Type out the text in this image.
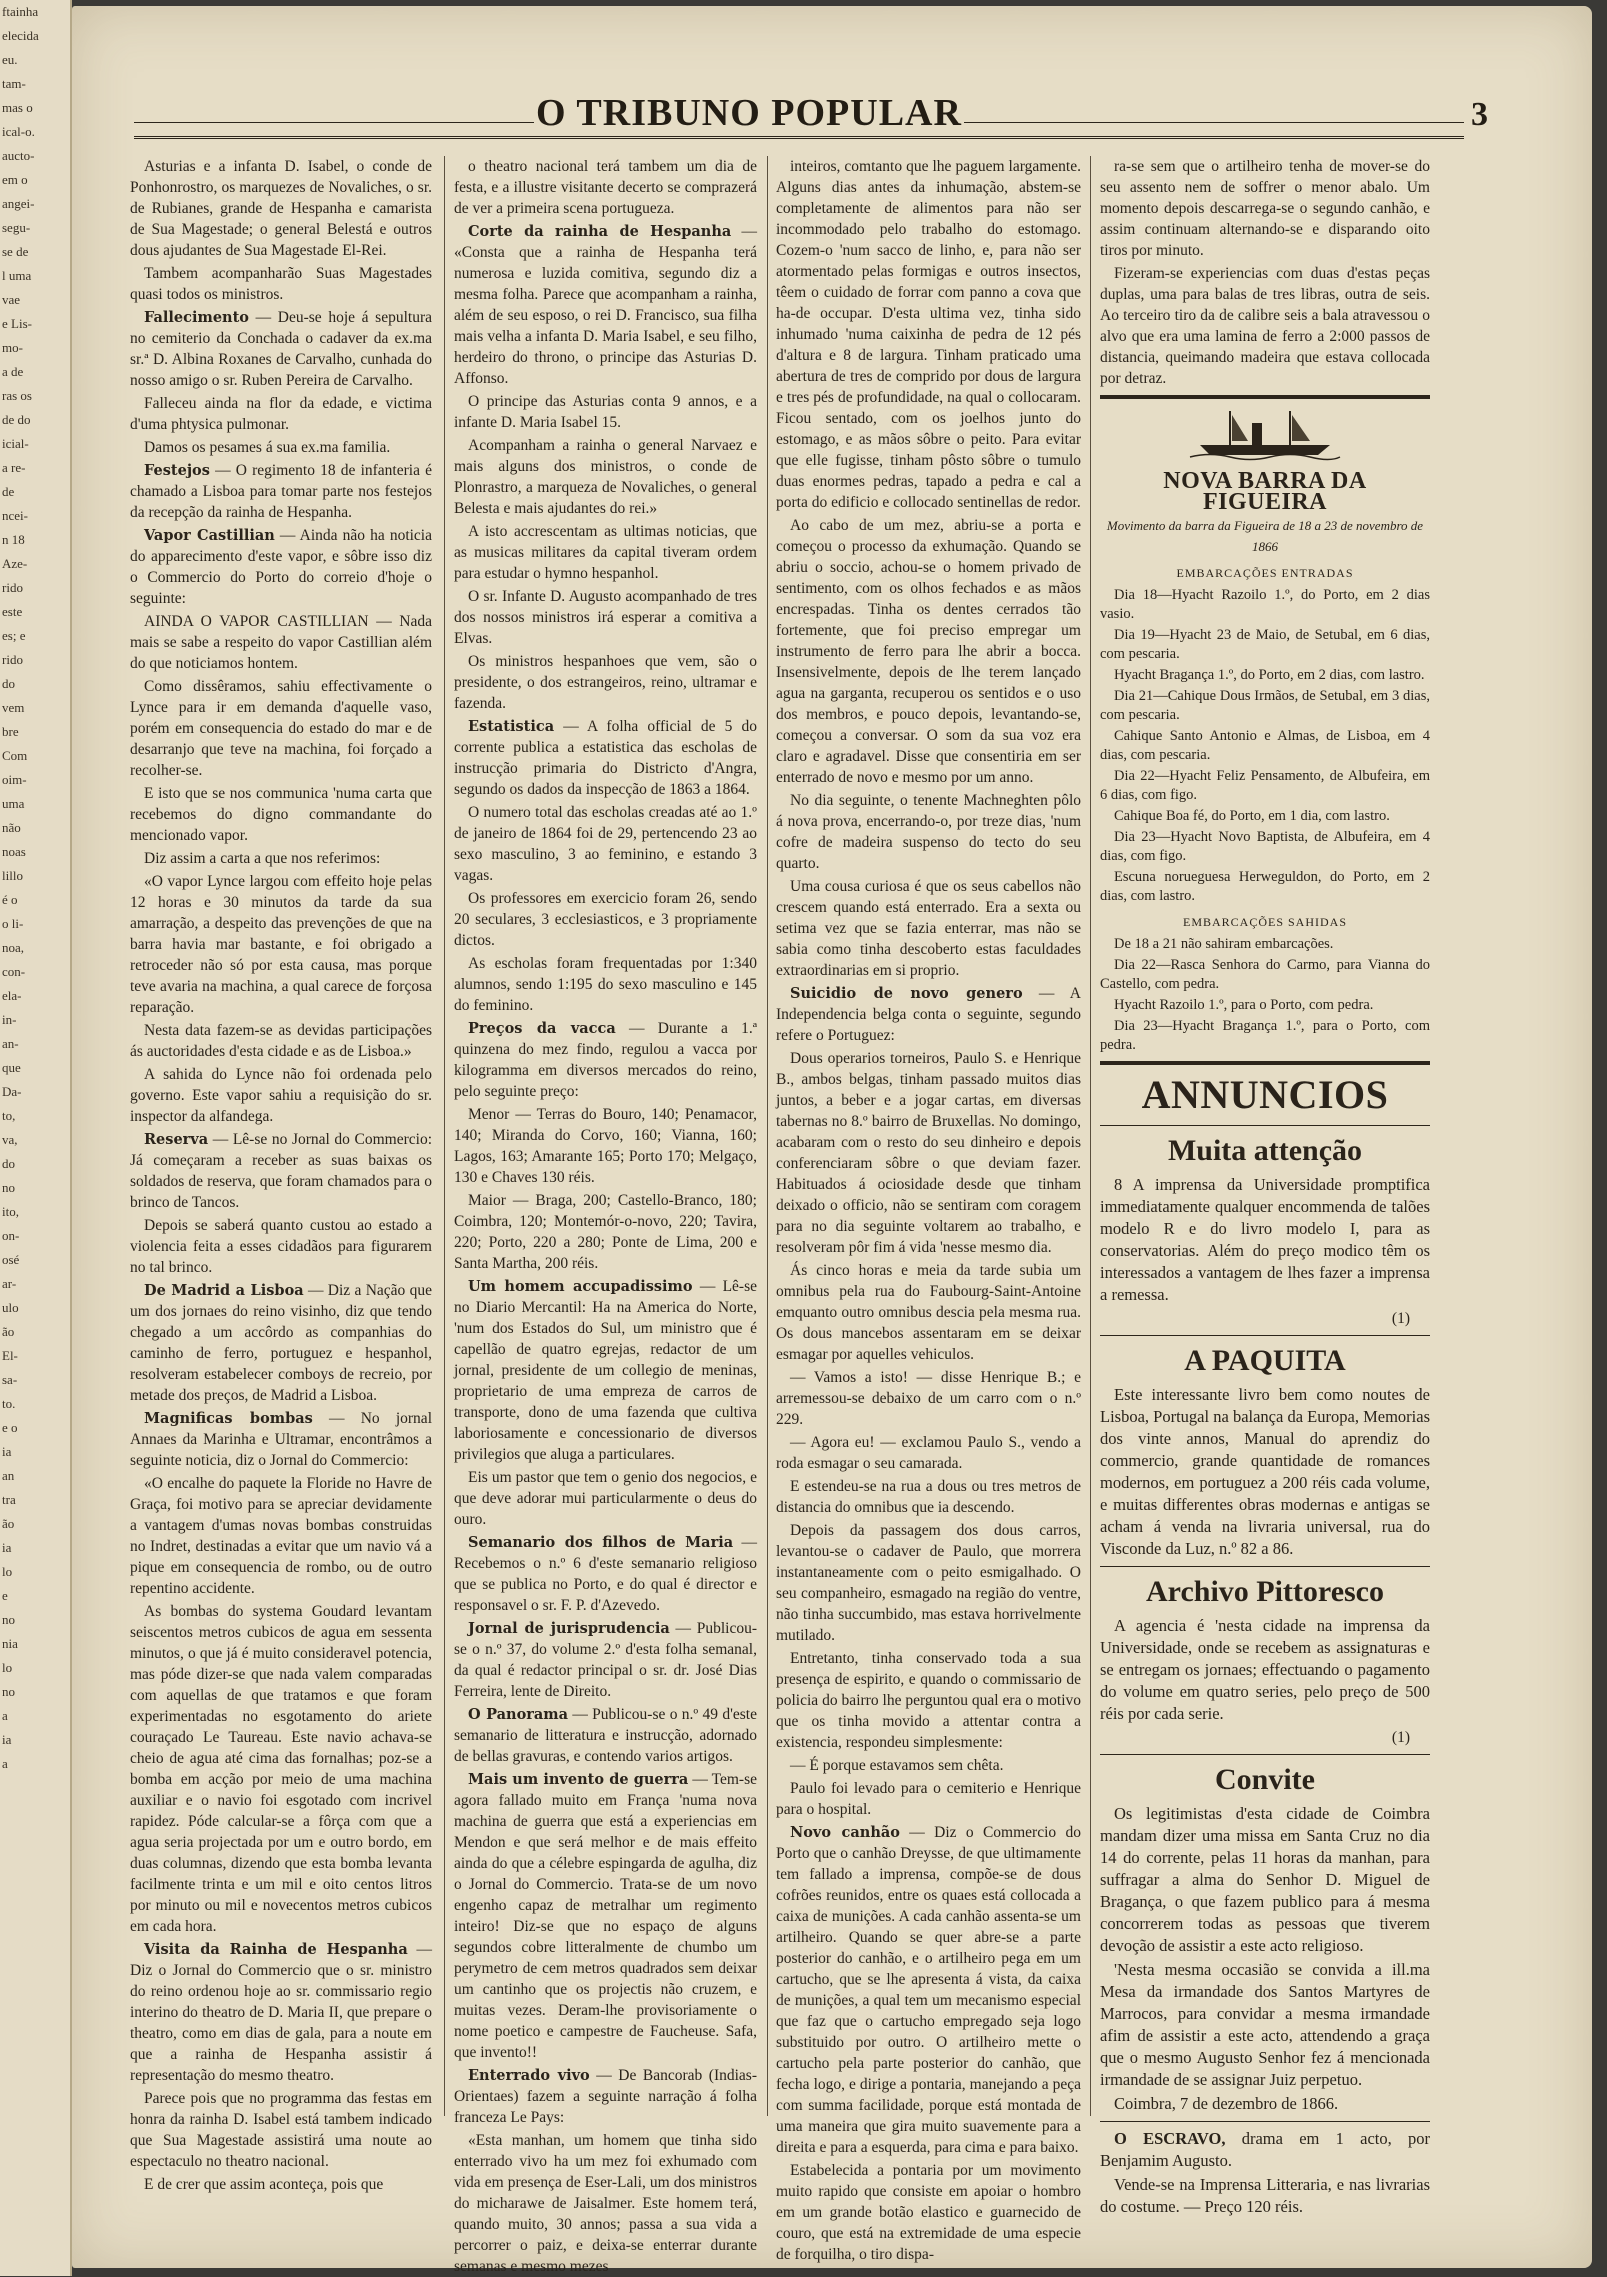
ftainha
elecida
eu.
tam-
mas o
ical-o.
aucto-
em o
angei-
segu-
se de
l uma
vae
e Lis-
mo-
a de
ras os
de do
icial-
a re-
de
ncei-
n 18
Aze-
rido
este
es; e
rido
do
vem
bre
Com
oim-
uma
não
noas
lillo
é o
o li-
noa,
con-
ela-
in-
an-
que
Da-
to,
va,
do
no
ito,
on-
osé
ar-
ulo
ão
El-
sa-
to.
e o
ia
an
tra
ão
ia
lo
e
no
nia
lo
no
a
ia
a
O TRIBUNO POPULAR	3

Asturias e a infanta D. Isabel, o conde de Ponhonrostro, os marquezes de Novaliches, o sr. de Rubianes, grande de Hespanha e camarista de Sua Magestade; o general Belestá e outros dous ajudantes de Sua Magestade El-Rei.

Tambem acompanharão Suas Magestades quasi todos os ministros.

Fallecimento — Deu-se hoje á sepultura no cemiterio da Conchada o cadaver da ex.ma sr.ª D. Albina Roxanes de Carvalho, cunhada do nosso amigo o sr. Ruben Pereira de Carvalho.

Falleceu ainda na flor da edade, e victima d'uma phtysica pulmonar.

Damos os pesames á sua ex.ma familia.

Festejos — O regimento 18 de infanteria é chamado a Lisboa para tomar parte nos festejos da recepção da rainha de Hespanha.

Vapor Castillian — Ainda não ha noticia do apparecimento d'este vapor, e sôbre isso diz o Commercio do Porto do correio d'hoje o seguinte:

AINDA O VAPOR CASTILLIAN — Nada mais se sabe a respeito do vapor Castillian além do que noticiamos hontem.

Como dissêramos, sahiu effectivamente o Lynce para ir em demanda d'aquelle vaso, porém em consequencia do estado do mar e de desarranjo que teve na machina, foi forçado a recolher-se.

E isto que se nos communica 'numa carta que recebemos do digno commandante do mencionado vapor.

Diz assim a carta a que nos referimos:

«O vapor Lynce largou com effeito hoje pelas 12 horas e 30 minutos da tarde da sua amarração, a despeito das prevenções de que na barra havia mar bastante, e foi obrigado a retroceder não só por esta causa, mas porque teve avaria na machina, a qual carece de forçosa reparação.

Nesta data fazem-se as devidas participações ás auctoridades d'esta cidade e as de Lisboa.»

A sahida do Lynce não foi ordenada pelo governo. Este vapor sahiu a requisição do sr. inspector da alfandega.

Reserva — Lê-se no Jornal do Commercio: Já começaram a receber as suas baixas os soldados de reserva, que foram chamados para o brinco de Tancos.

Depois se saberá quanto custou ao estado a violencia feita a esses cidadãos para figurarem no tal brinco.

De Madrid a Lisboa — Diz a Nação que um dos jornaes do reino visinho, diz que tendo chegado a um accôrdo as companhias do caminho de ferro, portuguez e hespanhol, resolveram estabelecer comboys de recreio, por metade dos preços, de Madrid a Lisboa.

Magnificas bombas — No jornal Annaes da Marinha e Ultramar, encontrâmos a seguinte noticia, diz o Jornal do Commercio:

«O encalhe do paquete la Floride no Havre de Graça, foi motivo para se apreciar devidamente a vantagem d'umas novas bombas construidas no Indret, destinadas a evitar que um navio vá a pique em consequencia de rombo, ou de outro repentino accidente.

As bombas do systema Goudard levantam seiscentos metros cubicos de agua em sessenta minutos, o que já é muito consideravel potencia, mas póde dizer-se que nada valem comparadas com aquellas de que tratamos e que foram experimentadas no esgotamento do ariete couraçado Le Taureau. Este navio achava-se cheio de agua até cima das fornalhas; poz-se a bomba em acção por meio de uma machina auxiliar e o navio foi esgotado com incrivel rapidez. Póde calcular-se a fôrça com que a agua seria projectada por um e outro bordo, em duas columnas, dizendo que esta bomba levanta facilmente trinta e um mil e oito centos litros por minuto ou mil e novecentos metros cubicos em cada hora.

Visita da Rainha de Hespanha — Diz o Jornal do Commercio que o sr. ministro do reino ordenou hoje ao sr. commissario regio interino do theatro de D. Maria II, que prepare o theatro, como em dias de gala, para a noute em que a rainha de Hespanha assistir á representação do mesmo theatro.

Parece pois que no programma das festas em honra da rainha D. Isabel está tambem indicado que Sua Magestade assistirá uma noute ao espectaculo no theatro nacional.

E de crer que assim aconteça, pois que

o theatro nacional terá tambem um dia de festa, e a illustre visitante decerto se comprazerá de ver a primeira scena portugueza.

Corte da rainha de Hespanha — «Consta que a rainha de Hespanha terá numerosa e luzida comitiva, segundo diz a mesma folha. Parece que acompanham a rainha, além de seu esposo, o rei D. Francisco, sua filha mais velha a infanta D. Maria Isabel, e seu filho, herdeiro do throno, o principe das Asturias D. Affonso.

O principe das Asturias conta 9 annos, e a infante D. Maria Isabel 15.

Acompanham a rainha o general Narvaez e mais alguns dos ministros, o conde de Plonrastro, a marqueza de Novaliches, o general Belesta e mais ajudantes do rei.»

A isto accrescentam as ultimas noticias, que as musicas militares da capital tiveram ordem para estudar o hymno hespanhol.

O sr. Infante D. Augusto acompanhado de tres dos nossos ministros irá esperar a comitiva a Elvas.

Os ministros hespanhoes que vem, são o presidente, o dos estrangeiros, reino, ultramar e fazenda.

Estatistica — A folha official de 5 do corrente publica a estatistica das escholas de instrucção primaria do Districto d'Angra, segundo os dados da inspecção de 1863 a 1864.

O numero total das escholas creadas até ao 1.º de janeiro de 1864 foi de 29, pertencendo 23 ao sexo masculino, 3 ao feminino, e estando 3 vagas.

Os professores em exercicio foram 26, sendo 20 seculares, 3 ecclesiasticos, e 3 propriamente dictos.

As escholas foram frequentadas por 1:340 alumnos, sendo 1:195 do sexo masculino e 145 do feminino.

Preços da vacca — Durante a 1.ª quinzena do mez findo, regulou a vacca por kilogramma em diversos mercados do reino, pelo seguinte preço:

Menor — Terras do Bouro, 140; Penamacor, 140; Miranda do Corvo, 160; Vianna, 160; Lagos, 163; Amarante 165; Porto 170; Melgaço, 130 e Chaves 130 réis.

Maior — Braga, 200; Castello-Branco, 180; Coimbra, 120; Montemór-o-novo, 220; Tavira, 220; Porto, 220 a 280; Ponte de Lima, 200 e Santa Martha, 200 réis.

Um homem accupadissimo — Lê-se no Diario Mercantil: Ha na America do Norte, 'num dos Estados do Sul, um ministro que é capellão de quatro egrejas, redactor de um jornal, presidente de um collegio de meninas, proprietario de uma empreza de carros de transporte, dono de uma fazenda que cultiva laboriosamente e concessionario de diversos privilegios que aluga a particulares.

Eis um pastor que tem o genio dos negocios, e que deve adorar mui particularmente o deus do ouro.

Semanario dos filhos de Maria — Recebemos o n.º 6 d'este semanario religioso que se publica no Porto, e do qual é director e responsavel o sr. F. P. d'Azevedo.

Jornal de jurisprudencia — Publicou-se o n.º 37, do volume 2.º d'esta folha semanal, da qual é redactor principal o sr. dr. José Dias Ferreira, lente de Direito.

O Panorama — Publicou-se o n.º 49 d'este semanario de litteratura e instrucção, adornado de bellas gravuras, e contendo varios artigos.

Mais um invento de guerra — Tem-se agora fallado muito em França 'numa nova machina de guerra que está a experiencias em Mendon e que será melhor e de mais effeito ainda do que a célebre espingarda de agulha, diz o Jornal do Commercio. Trata-se de um novo engenho capaz de metralhar um regimento inteiro! Diz-se que no espaço de alguns segundos cobre litteralmente de chumbo um perymetro de cem metros quadrados sem deixar um cantinho que os projectis não cruzem, e muitas vezes. Deram-lhe provisoriamente o nome poetico e campestre de Faucheuse. Safa, que invento!!

Enterrado vivo — De Bancorab (Indias-Orientaes) fazem a seguinte narração á folha franceza Le Pays:

«Esta manhan, um homem que tinha sido enterrado vivo ha um mez foi exhumado com vida em presença de Eser-Lali, um dos ministros do micharawe de Jaisalmer. Este homem terá, quando muito, 30 annos; passa a sua vida a percorrer o paiz, e deixa-se enterrar durante semanas e mesmo mezes

inteiros, comtanto que lhe paguem largamente. Alguns dias antes da inhumação, abstem-se completamente de alimentos para não ser incommodado pelo trabalho do estomago. Cozem-o 'num sacco de linho, e, para não ser atormentado pelas formigas e outros insectos, têem o cuidado de forrar com panno a cova que ha-de occupar. D'esta ultima vez, tinha sido inhumado 'numa caixinha de pedra de 12 pés d'altura e 8 de largura. Tinham praticado uma abertura de tres de comprido por dous de largura e tres pés de profundidade, na qual o collocaram. Ficou sentado, com os joelhos junto do estomago, e as mãos sôbre o peito. Para evitar que elle fugisse, tinham pôsto sôbre o tumulo duas enormes pedras, tapado a pedra e cal a porta do edificio e collocado sentinellas de redor.

Ao cabo de um mez, abriu-se a porta e começou o processo da exhumação. Quando se abriu o soccio, achou-se o homem privado de sentimento, com os olhos fechados e as mãos encrespadas. Tinha os dentes cerrados tão fortemente, que foi preciso empregar um instrumento de ferro para lhe abrir a bocca. Insensivelmente, depois de lhe terem lançado agua na garganta, recuperou os sentidos e o uso dos membros, e pouco depois, levantando-se, começou a conversar. O som da sua voz era claro e agradavel. Disse que consentiria em ser enterrado de novo e mesmo por um anno.

No dia seguinte, o tenente Machneghten pôlo á nova prova, encerrando-o, por treze dias, 'num cofre de madeira suspenso do tecto do seu quarto.

Uma cousa curiosa é que os seus cabellos não crescem quando está enterrado. Era a sexta ou setima vez que se fazia enterrar, mas não se sabia como tinha descoberto estas faculdades extraordinarias em si proprio.

Suicidio de novo genero — A Independencia belga conta o seguinte, segundo refere o Portuguez:

Dous operarios torneiros, Paulo S. e Henrique B., ambos belgas, tinham passado muitos dias juntos, a beber e a jogar cartas, em diversas tabernas no 8.º bairro de Bruxellas. No domingo, acabaram com o resto do seu dinheiro e depois conferenciaram sôbre o que deviam fazer. Habituados á ociosidade desde que tinham deixado o officio, não se sentiram com coragem para no dia seguinte voltarem ao trabalho, e resolveram pôr fim á vida 'nesse mesmo dia.

Ás cinco horas e meia da tarde subia um omnibus pela rua do Faubourg-Saint-Antoine emquanto outro omnibus descia pela mesma rua. Os dous mancebos assentaram em se deixar esmagar por aquelles vehiculos.

— Vamos a isto! — disse Henrique B.; e arremessou-se debaixo de um carro com o n.º 229.

— Agora eu! — exclamou Paulo S., vendo a roda esmagar o seu camarada.

E estendeu-se na rua a dous ou tres metros de distancia do omnibus que ia descendo.

Depois da passagem dos dous carros, levantou-se o cadaver de Paulo, que morrera instantaneamente com o peito esmigalhado. O seu companheiro, esmagado na região do ventre, não tinha succumbido, mas estava horrivelmente mutilado.

Entretanto, tinha conservado toda a sua presença de espirito, e quando o commissario de policia do bairro lhe perguntou qual era o motivo que os tinha movido a attentar contra a existencia, respondeu simplesmente:

— É porque estavamos sem chêta.

Paulo foi levado para o cemiterio e Henrique para o hospital.

Novo canhão — Diz o Commercio do Porto que o canhão Dreysse, de que ultimamente tem fallado a imprensa, compõe-se de dous cofrões reunidos, entre os quaes está collocada a caixa de munições. A cada canhão assenta-se um artilheiro. Quando se quer abre-se a parte posterior do canhão, e o artilheiro pega em um cartucho, que se lhe apresenta á vista, da caixa de munições, a qual tem um mecanismo especial que faz que o cartucho empregado seja logo substituido por outro. O artilheiro mette o cartucho pela parte posterior do canhão, que fecha logo, e dirige a pontaria, manejando a peça com summa facilidade, porque está montada de uma maneira que gira muito suavemente para a direita e para a esquerda, para cima e para baixo.

Estabelecida a pontaria por um movimento muito rapido que consiste em apoiar o hombro em um grande botão elastico e guarnecido de couro, que está na extremidade de uma especie de forquilha, o tiro dispa-

ra-se sem que o artilheiro tenha de mover-se do seu assento nem de soffrer o menor abalo. Um momento depois descarrega-se o segundo canhão, e assim continuam alternando-se e disparando oito tiros por minuto.

Fizeram-se experiencias com duas d'estas peças duplas, uma para balas de tres libras, outra de seis. Ao terceiro tiro da de calibre seis a bala atravessou o alvo que era uma lamina de ferro a 2:000 passos de distancia, queimando madeira que estava collocada por detraz.

NOVA BARRA DA FIGUEIRA
Movimento da barra da Figueira de 18 a 23 de novembro de 1866
EMBARCAÇÕES ENTRADAS

Dia 18—Hyacht Razoilo 1.º, do Porto, em 2 dias vasio.

Dia 19—Hyacht 23 de Maio, de Setubal, em 6 dias, com pescaria.

Hyacht Bragança 1.º, do Porto, em 2 dias, com lastro.

Dia 21—Cahique Dous Irmãos, de Setubal, em 3 dias, com pescaria.

Cahique Santo Antonio e Almas, de Lisboa, em 4 dias, com pescaria.

Dia 22—Hyacht Feliz Pensamento, de Albufeira, em 6 dias, com figo.

Cahique Boa fé, do Porto, em 1 dia, com lastro.

Dia 23—Hyacht Novo Baptista, de Albufeira, em 4 dias, com figo.

Escuna norueguesa Herweguldon, do Porto, em 2 dias, com lastro.

EMBARCAÇÕES SAHIDAS

De 18 a 21 não sahiram embarcações.

Dia 22—Rasca Senhora do Carmo, para Vianna do Castello, com pedra.

Hyacht Razoilo 1.º, para o Porto, com pedra.

Dia 23—Hyacht Bragança 1.º, para o Porto, com pedra.

ANNUNCIOS
Muita attenção

8 A imprensa da Universidade promptifica immediatamente qualquer encommenda de talões modelo R e do livro modelo I, para as conservatorias. Além do preço modico têm os interessados a vantagem de lhes fazer a imprensa a remessa.

(1)
A PAQUITA

Este interessante livro bem como noutes de Lisboa, Portugal na balança da Europa, Memorias dos vinte annos, Manual do aprendiz do commercio, grande quantidade de romances modernos, em portuguez a 200 réis cada volume, e muitas differentes obras modernas e antigas se acham á venda na livraria universal, rua do Visconde da Luz, n.º 82 a 86.

Archivo Pittoresco

A agencia é 'nesta cidade na imprensa da Universidade, onde se recebem as assignaturas e se entregam os jornaes; effectuando o pagamento do volume em quatro series, pelo preço de 500 réis por cada serie.

(1)
Convite

Os legitimistas d'esta cidade de Coimbra mandam dizer uma missa em Santa Cruz no dia 14 do corrente, pelas 11 horas da manhan, para suffragar a alma do Senhor D. Miguel de Bragança, o que fazem publico para á mesma concorrerem todas as pessoas que tiverem devoção de assistir a este acto religioso.

'Nesta mesma occasião se convida a ill.ma Mesa da irmandade dos Santos Martyres de Marrocos, para convidar a mesma irmandade afim de assistir a este acto, attendendo a graça que o mesmo Augusto Senhor fez á mencionada irmandade de se assignar Juiz perpetuo.

Coimbra, 7 de dezembro de 1866.

O ESCRAVO, drama em 1 acto, por Benjamim Augusto.

Vende-se na Imprensa Litteraria, e nas livrarias do costume. — Preço 120 réis.
